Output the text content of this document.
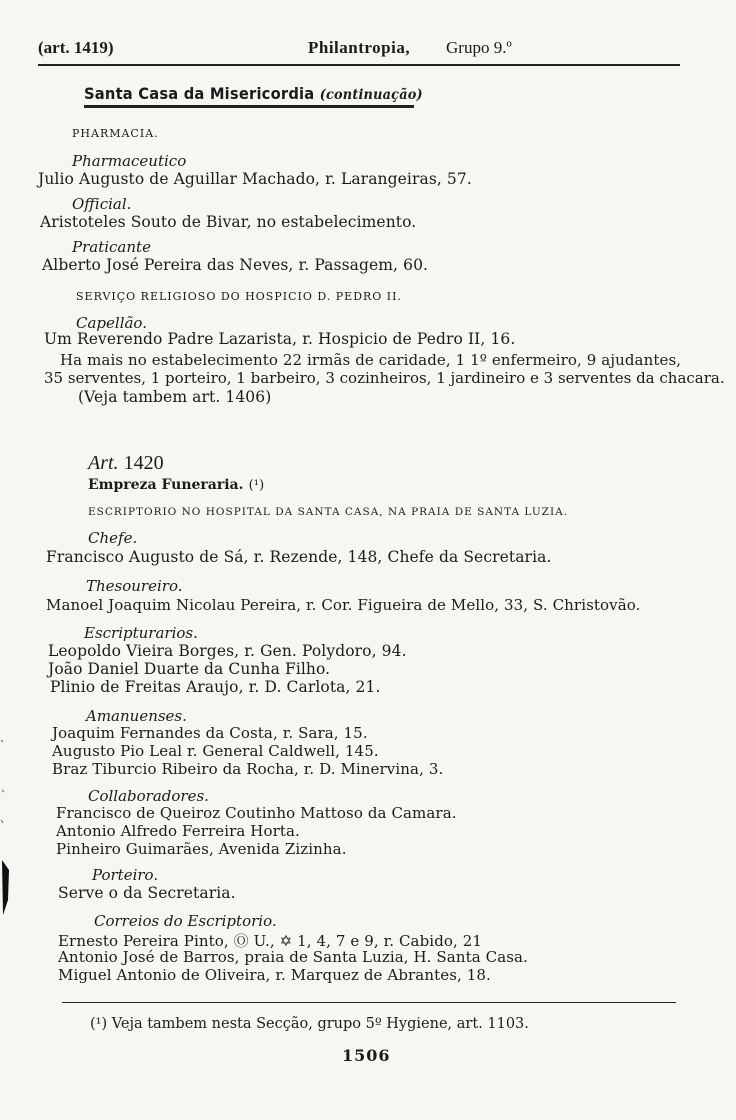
(art. 1419)	Philantropia, Grupo 9.º
Santa Casa da Misericordia (continuação)
PHARMACIA.
Pharmaceutico
Julio Augusto de Aguillar Machado, r. Larangeiras, 57.
Official.
Aristoteles Souto de Bivar, no estabelecimento.
Praticante
Alberto José Pereira das Neves, r. Passagem, 60.
SERVIÇO RELIGIOSO DO HOSPICIO D. PEDRO II.
Capellão.
Um Reverendo Padre Lazarista, r. Hospicio de Pedro II, 16.
Ha mais no estabelecimento 22 irmãs de caridade, 1 1º enfermeiro, 9 ajudantes,
35 serventes, 1 porteiro, 1 barbeiro, 3 cozinheiros, 1 jardineiro e 3 serventes da chacara.
(Veja tambem art. 1406)
Art. 1420
Empreza Funeraria. (¹)
ESCRIPTORIO NO HOSPITAL DA SANTA CASA, NA PRAIA DE SANTA LUZIA.
Chefe.
Francisco Augusto de Sá, r. Rezende, 148, Chefe da Secretaria.
Thesoureiro.
Manoel Joaquim Nicolau Pereira, r. Cor. Figueira de Mello, 33, S. Christovão.
Escripturarios.
Leopoldo Vieira Borges, r. Gen. Polydoro, 94.
João Daniel Duarte da Cunha Filho.
Plinio de Freitas Araujo, r. D. Carlota, 21.
Amanuenses.
Joaquim Fernandes da Costa, r. Sara, 15.
Augusto Pio Leal r. General Caldwell, 145.
Braz Tiburcio Ribeiro da Rocha, r. D. Minervina, 3.
Collaboradores.
Francisco de Queiroz Coutinho Mattoso da Camara.
Antonio Alfredo Ferreira Horta.
Pinheiro Guimarães, Avenida Zizinha.
Porteiro.
Serve o da Secretaria.
Correios do Escriptorio.
Ernesto Pereira Pinto, Ⓞ U., ✡ 1, 4, 7 e 9, r. Cabido, 21
Antonio José de Barros, praia de Santa Luzia, H. Santa Casa.
Miguel Antonio de Oliveira, r. Marquez de Abrantes, 18.
(¹) Veja tambem nesta Secção, grupo 5º Hygiene, art. 1103.
1506
